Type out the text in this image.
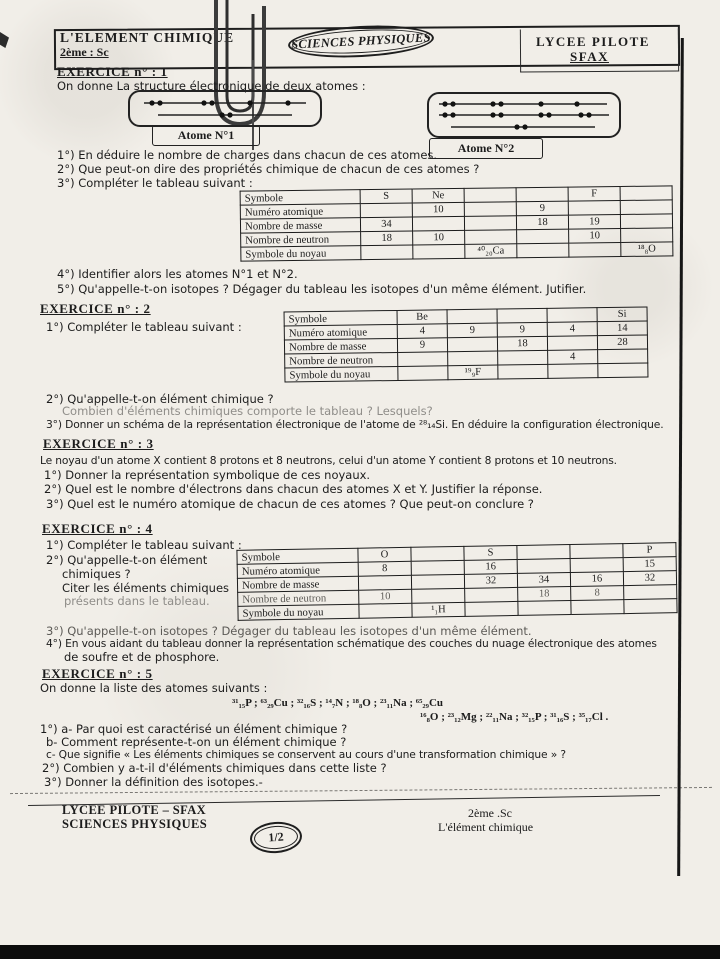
L'ELEMENT CHIMIQUE
2ème : Sc
SCIENCES PHYSIQUES	LYCEE PILOTE
SFAX
EXERCICE n° : 1
On donne La structure électronique de deux atomes :
Atome N°1
Atome N°2
1°) En déduire le nombre de charges dans chacun de ces atomes.
2°) Que peut-on dire des propriétés chimique de chacun de ces atomes ?
3°) Compléter le tableau suivant :
Symbole	S	Ne			F	
Numéro atomique		10		9		
Nombre de masse	34			18	19	
Nombre de neutron	18	10			10	
Symbole du noyau			⁴⁰₂₀Ca			¹⁸₈O
4°) Identifier alors les atomes N°1 et N°2.
5°) Qu'appelle-t-on isotopes ? Dégager du tableau les isotopes d'un même élément. Jutifier.
EXERCICE n° : 2
1°) Compléter le tableau suivant :
Symbole	Be				Si
Numéro atomique	4	9	9	4	14
Nombre de masse	9		18		28
Nombre de neutron				4	
Symbole du noyau		¹⁹₉F			
2°) Qu'appelle-t-on élément chimique ?
Combien d'éléments chimiques comporte le tableau ? Lesquels?
3°) Donner un schéma de la représentation électronique de l'atome de ²⁸₁₄Si. En déduire la configuration électronique.
EXERCICE n° : 3
Le noyau d'un atome X contient 8 protons et 8 neutrons, celui d'un atome Y contient 8 protons et 10 neutrons.
1°) Donner la représentation symbolique de ces noyaux.
2°) Quel est le nombre d'électrons dans chacun des atomes X et Y. Justifier la réponse.
3°) Quel est le numéro atomique de chacun de ces atomes ? Que peut-on conclure ?
EXERCICE n° : 4
1°) Compléter le tableau suivant :
2°) Qu'appelle-t-on élément
chimiques ?
Citer les éléments chimiques
présents dans le tableau.
Symbole	O		S			P
Numéro atomique	8		16			15
Nombre de masse			32	34	16	32
Nombre de neutron	10			18	8	
Symbole du noyau		¹₁H				
3°) Qu'appelle-t-on isotopes ? Dégager du tableau les isotopes d'un même élément.
4°) En vous aidant du tableau donner la représentation schématique des couches du nuage électronique des atomes
de soufre et de phosphore.
EXERCICE n° : 5
On donne la liste des atomes suivants :
³¹₁₅P ; ⁶³₂₉Cu ; ³²₁₆S ; ¹⁴₇N ; ¹⁸₈O ; ²³₁₁Na ; ⁶⁵₂₉Cu
¹⁶₈O ; ²³₁₂Mg ; ²²₁₁Na ; ³²₁₅P ; ³¹₁₆S ; ³⁵₁₇Cl .
1°) a- Par quoi est caractérisé un élément chimique ?
b- Comment représente-t-on un élément chimique ?
c- Que signifie « Les éléments chimiques se conservent au cours d'une transformation chimique » ?
2°) Combien y a-t-il d'éléments chimiques dans cette liste ?
3°) Donner la définition des isotopes.-
LYCEE PILOTE – SFAX
SCIENCES PHYSIQUES
1/2
2ème .Sc
L'élément chimique
